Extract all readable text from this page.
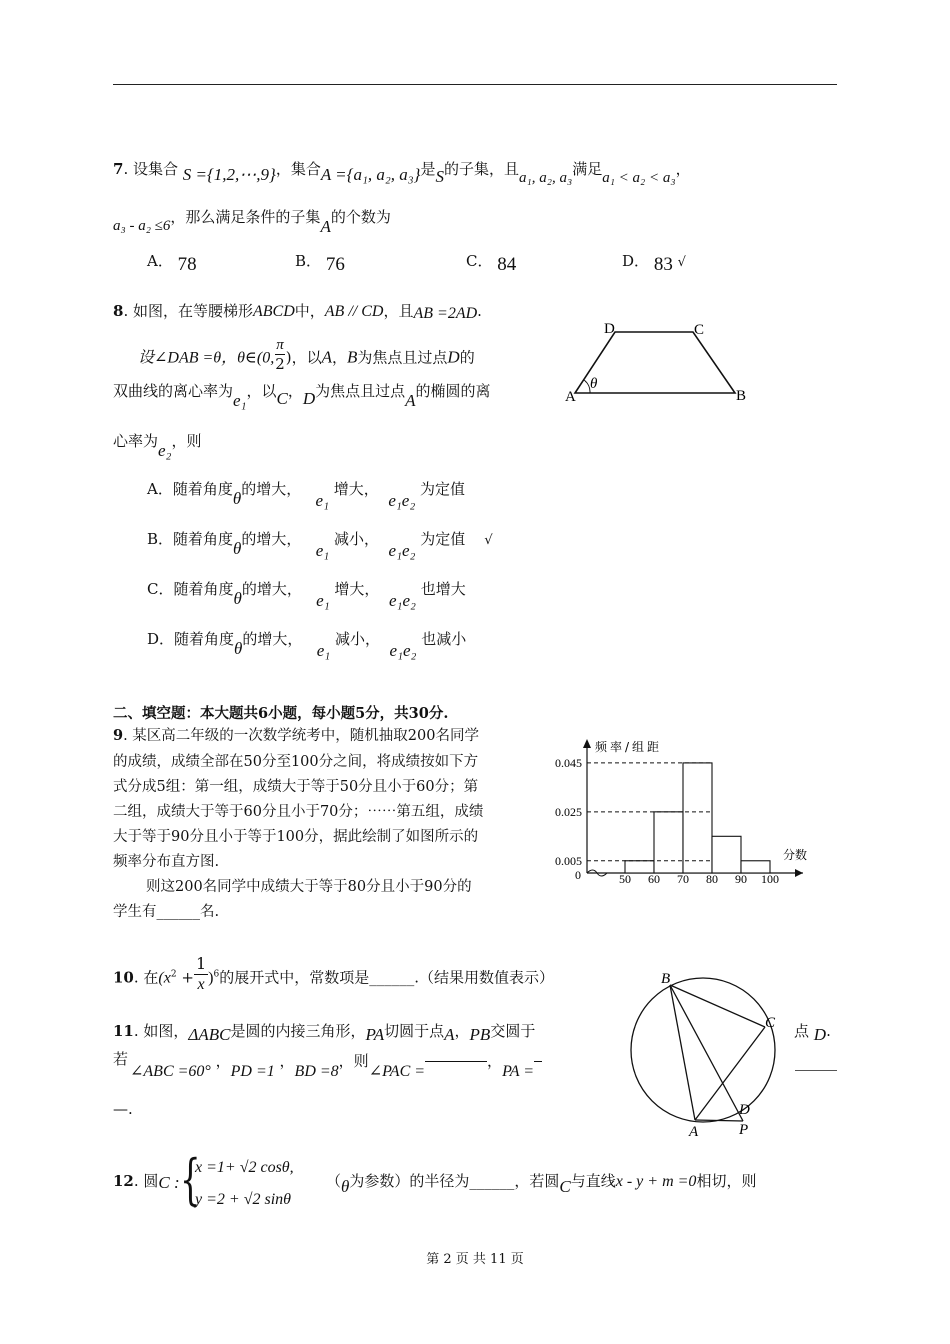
7. 设集合 S ={1,2,⋯,9}，集合A ={a₁, a₂, a₃}是S的子集，且a₁, a₂, a₃满足a₁ < a₂ < a₃，
a₃ - a₂ ≤6，那么满足条件的子集A的个数为
A． 78	B． 76	C． 84	D． 83 √
8. 如图，在等腰梯形ABCD中，AB // CD，且AB =2AD.
设∠DAB =θ，θ∈(0, $\frac{\pi}{2}$ )，以A，B为焦点且过点D的
双曲线的离心率为e₁，以C，D为焦点且过点A的椭圆的离
心率为e₂，则
A．随着角度θ的增大，   e₁ 增大，  e₁e₂ 为定值
B．随着角度θ的增大，   e₁ 减小，  e₁e₂ 为定值 √
C．随着角度θ的增大，   e₁ 增大，  e₁e₂ 也增大
D．随着角度θ的增大，   e₁ 减小，  e₁e₂ 也减小
D	C
A	B
θ
二、填空题：本大题共6小题，每小题5分，共30分.
9. 某区高二年级的一次数学统考中，随机抽取200名同学
的成绩，成绩全部在50分至100分之间，将成绩按如下方
式分成5组：第一组，成绩大于等于50分且小于60分；第
二组，成绩大于等于60分且小于70分；⋯⋯第五组，成绩
大于等于90分且小于等于100分，据此绘制了如图所示的
频率分布直方图.
则这200名同学中成绩大于等于80分且小于90分的
学生有______名.
0.005
0.025
0.045
50 60 70 80 90 100
0
频率/组距
分数
10. 在$(x^2 + \frac{1}{x} )^6$的展开式中，常数项是______.（结果用数值表示）
11. 如图，ΔABC是圆的内接三角形，PA切圆于点A，PB交圆于	点 D.
若
∠ABC =60° ，PD =1 ，BD =8，则∠PAC =，PA =
—.
B
C
D
A	P
12. 圆C : {
x =1+ √2 cosθ,
y =2 + √2 sinθ
（θ为参数）的半径为______，若圆C与直线x - y + m =0相切，则
第 2 页 共 11 页
